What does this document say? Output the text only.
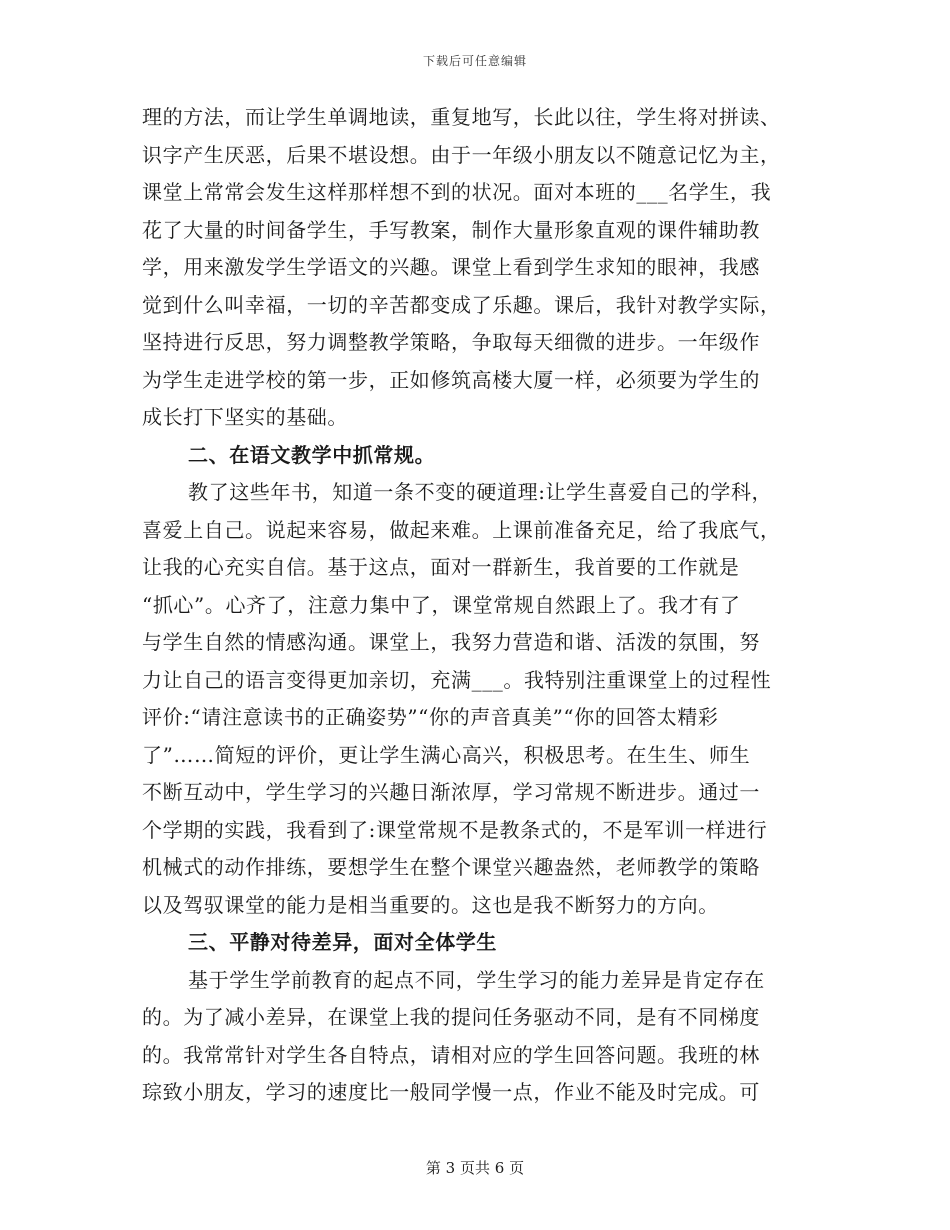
下载后可任意编辑
理的方法，而让学生单调地读，重复地写，长此以往，学生将对拼读、
识字产生厌恶，后果不堪设想。由于一年级小朋友以不随意记忆为主，
课堂上常常会发生这样那样想不到的状况。面对本班的___名学生，我
花了大量的时间备学生，手写教案，制作大量形象直观的课件辅助教
学，用来激发学生学语文的兴趣。课堂上看到学生求知的眼神，我感
觉到什么叫幸福，一切的辛苦都变成了乐趣。课后，我针对教学实际，
坚持进行反思，努力调整教学策略，争取每天细微的进步。一年级作
为学生走进学校的第一步，正如修筑高楼大厦一样，必须要为学生的
成长打下坚实的基础。
二、在语文教学中抓常规。
教了这些年书，知道一条不变的硬道理:让学生喜爱自己的学科，
喜爱上自己。说起来容易，做起来难。上课前准备充足，给了我底气，
让我的心充实自信。基于这点，面对一群新生，我首要的工作就是
“抓心”。心齐了，注意力集中了，课堂常规自然跟上了。我才有了
与学生自然的情感沟通。课堂上，我努力营造和谐、活泼的氛围，努
力让自己的语言变得更加亲切，充满___。我特别注重课堂上的过程性
评价:“请注意读书的正确姿势”“你的声音真美”“你的回答太精彩
了”……简短的评价，更让学生满心高兴，积极思考。在生生、师生
不断互动中，学生学习的兴趣日渐浓厚，学习常规不断进步。通过一
个学期的实践，我看到了:课堂常规不是教条式的，不是军训一样进行
机械式的动作排练，要想学生在整个课堂兴趣盎然，老师教学的策略
以及驾驭课堂的能力是相当重要的。这也是我不断努力的方向。
三、平静对待差异，面对全体学生
基于学生学前教育的起点不同，学生学习的能力差异是肯定存在
的。为了减小差异，在课堂上我的提问任务驱动不同，是有不同梯度
的。我常常针对学生各自特点，请相对应的学生回答问题。我班的林
琮致小朋友，学习的速度比一般同学慢一点，作业不能及时完成。可
第 3 页共 6 页
